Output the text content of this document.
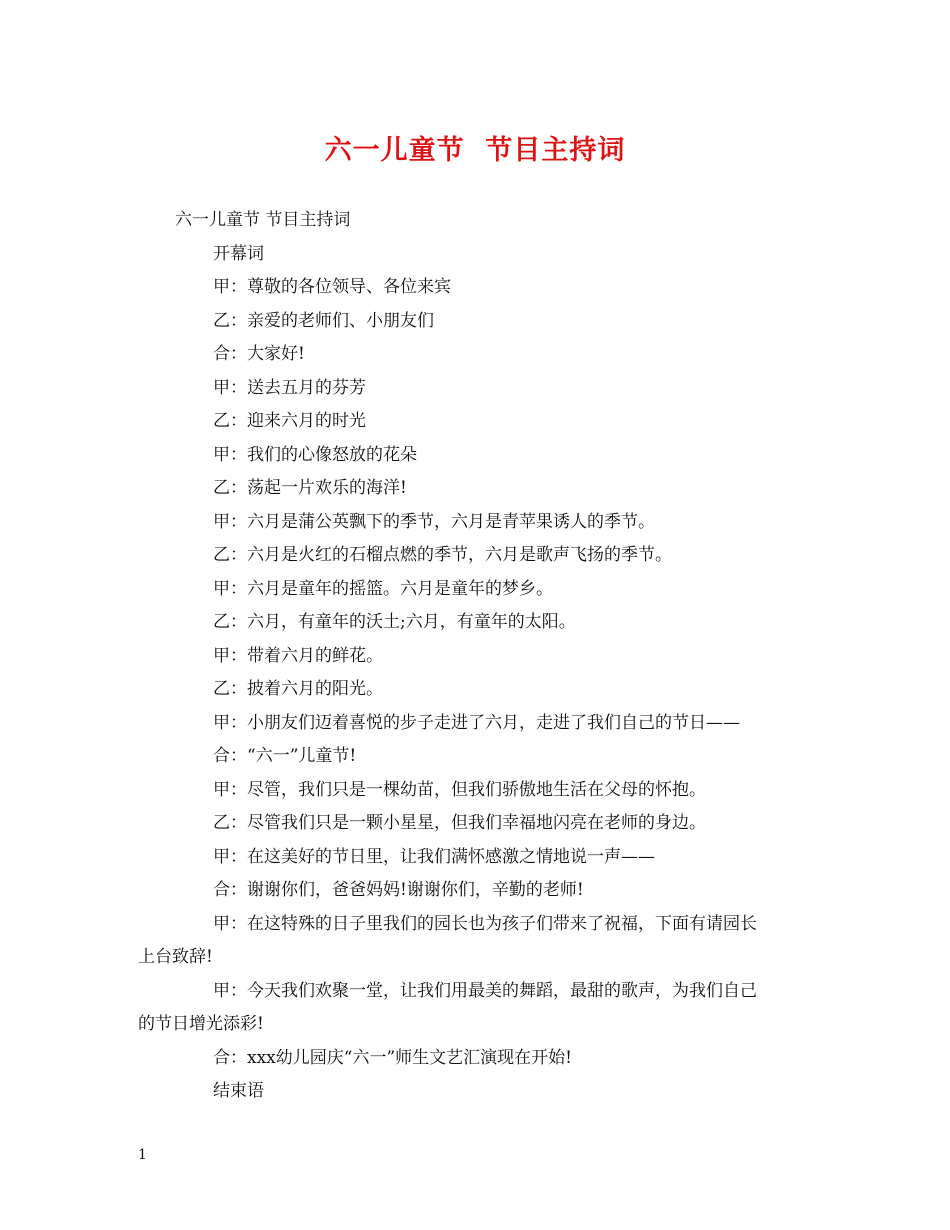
六一儿童节  节目主持词
六一儿童节 节目主持词
开幕词
甲：尊敬的各位领导、各位来宾
乙：亲爱的老师们、小朋友们
合：大家好!
甲：送去五月的芬芳
乙：迎来六月的时光
甲：我们的心像怒放的花朵
乙：荡起一片欢乐的海洋!
甲：六月是蒲公英飘下的季节，六月是青苹果诱人的季节。
乙：六月是火红的石榴点燃的季节，六月是歌声飞扬的季节。
甲：六月是童年的摇篮。六月是童年的梦乡。
乙：六月，有童年的沃土;六月，有童年的太阳。
甲：带着六月的鲜花。
乙：披着六月的阳光。
甲：小朋友们迈着喜悦的步子走进了六月，走进了我们自己的节日——
合：“六一”儿童节!
甲：尽管，我们只是一棵幼苗，但我们骄傲地生活在父母的怀抱。
乙：尽管我们只是一颗小星星，但我们幸福地闪亮在老师的身边。
甲：在这美好的节日里，让我们满怀感激之情地说一声——
合：谢谢你们，爸爸妈妈!谢谢你们，辛勤的老师!
甲：在这特殊的日子里我们的园长也为孩子们带来了祝福，下面有请园长
上台致辞!
甲：今天我们欢聚一堂，让我们用最美的舞蹈，最甜的歌声，为我们自己
的节日增光添彩!
合：xxx幼儿园庆“六一”师生文艺汇演现在开始!
结束语
1
